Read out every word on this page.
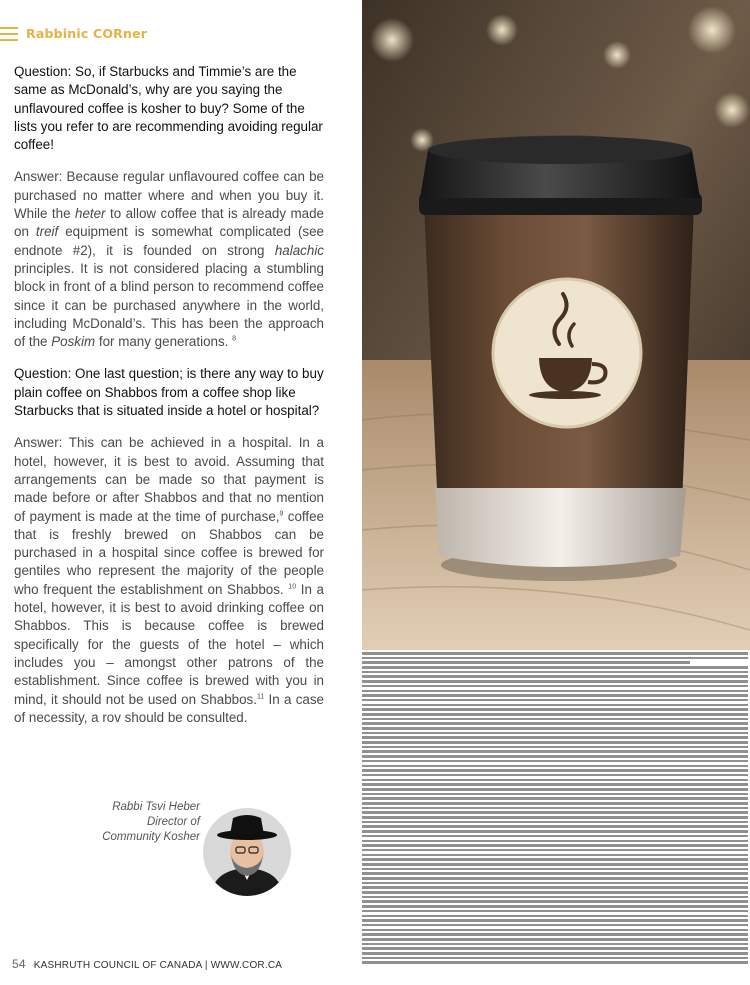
Rabbinic CORner

Question: So, if Starbucks and Timmie’s are the same as McDonald’s, why are you saying the unflavoured coffee is kosher to buy? Some of the lists you refer to are recommending avoiding regular coffee!

Answer: Because regular unflavoured coffee can be purchased no matter where and when you buy it. While the heter to allow coffee that is already made on treif equipment is somewhat complicated (see endnote #2), it is founded on strong halachic principles. It is not considered placing a stumbling block in front of a blind person to recommend coffee since it can be purchased anywhere in the world, including McDonald’s. This has been the approach of the Poskim for many generations. $^8$

Question: One last question; is there any way to buy plain coffee on Shabbos from a coffee shop like Starbucks that is situated inside a hotel or hospital?

Answer: This can be achieved in a hospital. In a hotel, however, it is best to avoid. Assuming that arrangements can be made so that payment is made before or after Shabbos and that no mention of payment is made at the time of purchase,$^9$ coffee that is freshly brewed on Shabbos can be purchased in a hospital since coffee is brewed for gentiles who represent the majority of the people who frequent the establishment on Shabbos. $^{10}$ In a hotel, however, it is best to avoid drinking coffee on Shabbos. This is because coffee is brewed specifically for the guests of the hotel – which includes you – amongst other patrons of the establishment. Since coffee is brewed with you in mind, it should not be used on Shabbos.$^{11}$ In a case of necessity, a rov should be consulted.

Rabbi Tsvi Heber
Director of
Community Kosher
54 KASHRUTH COUNCIL OF CANADA | WWW.COR.CA
